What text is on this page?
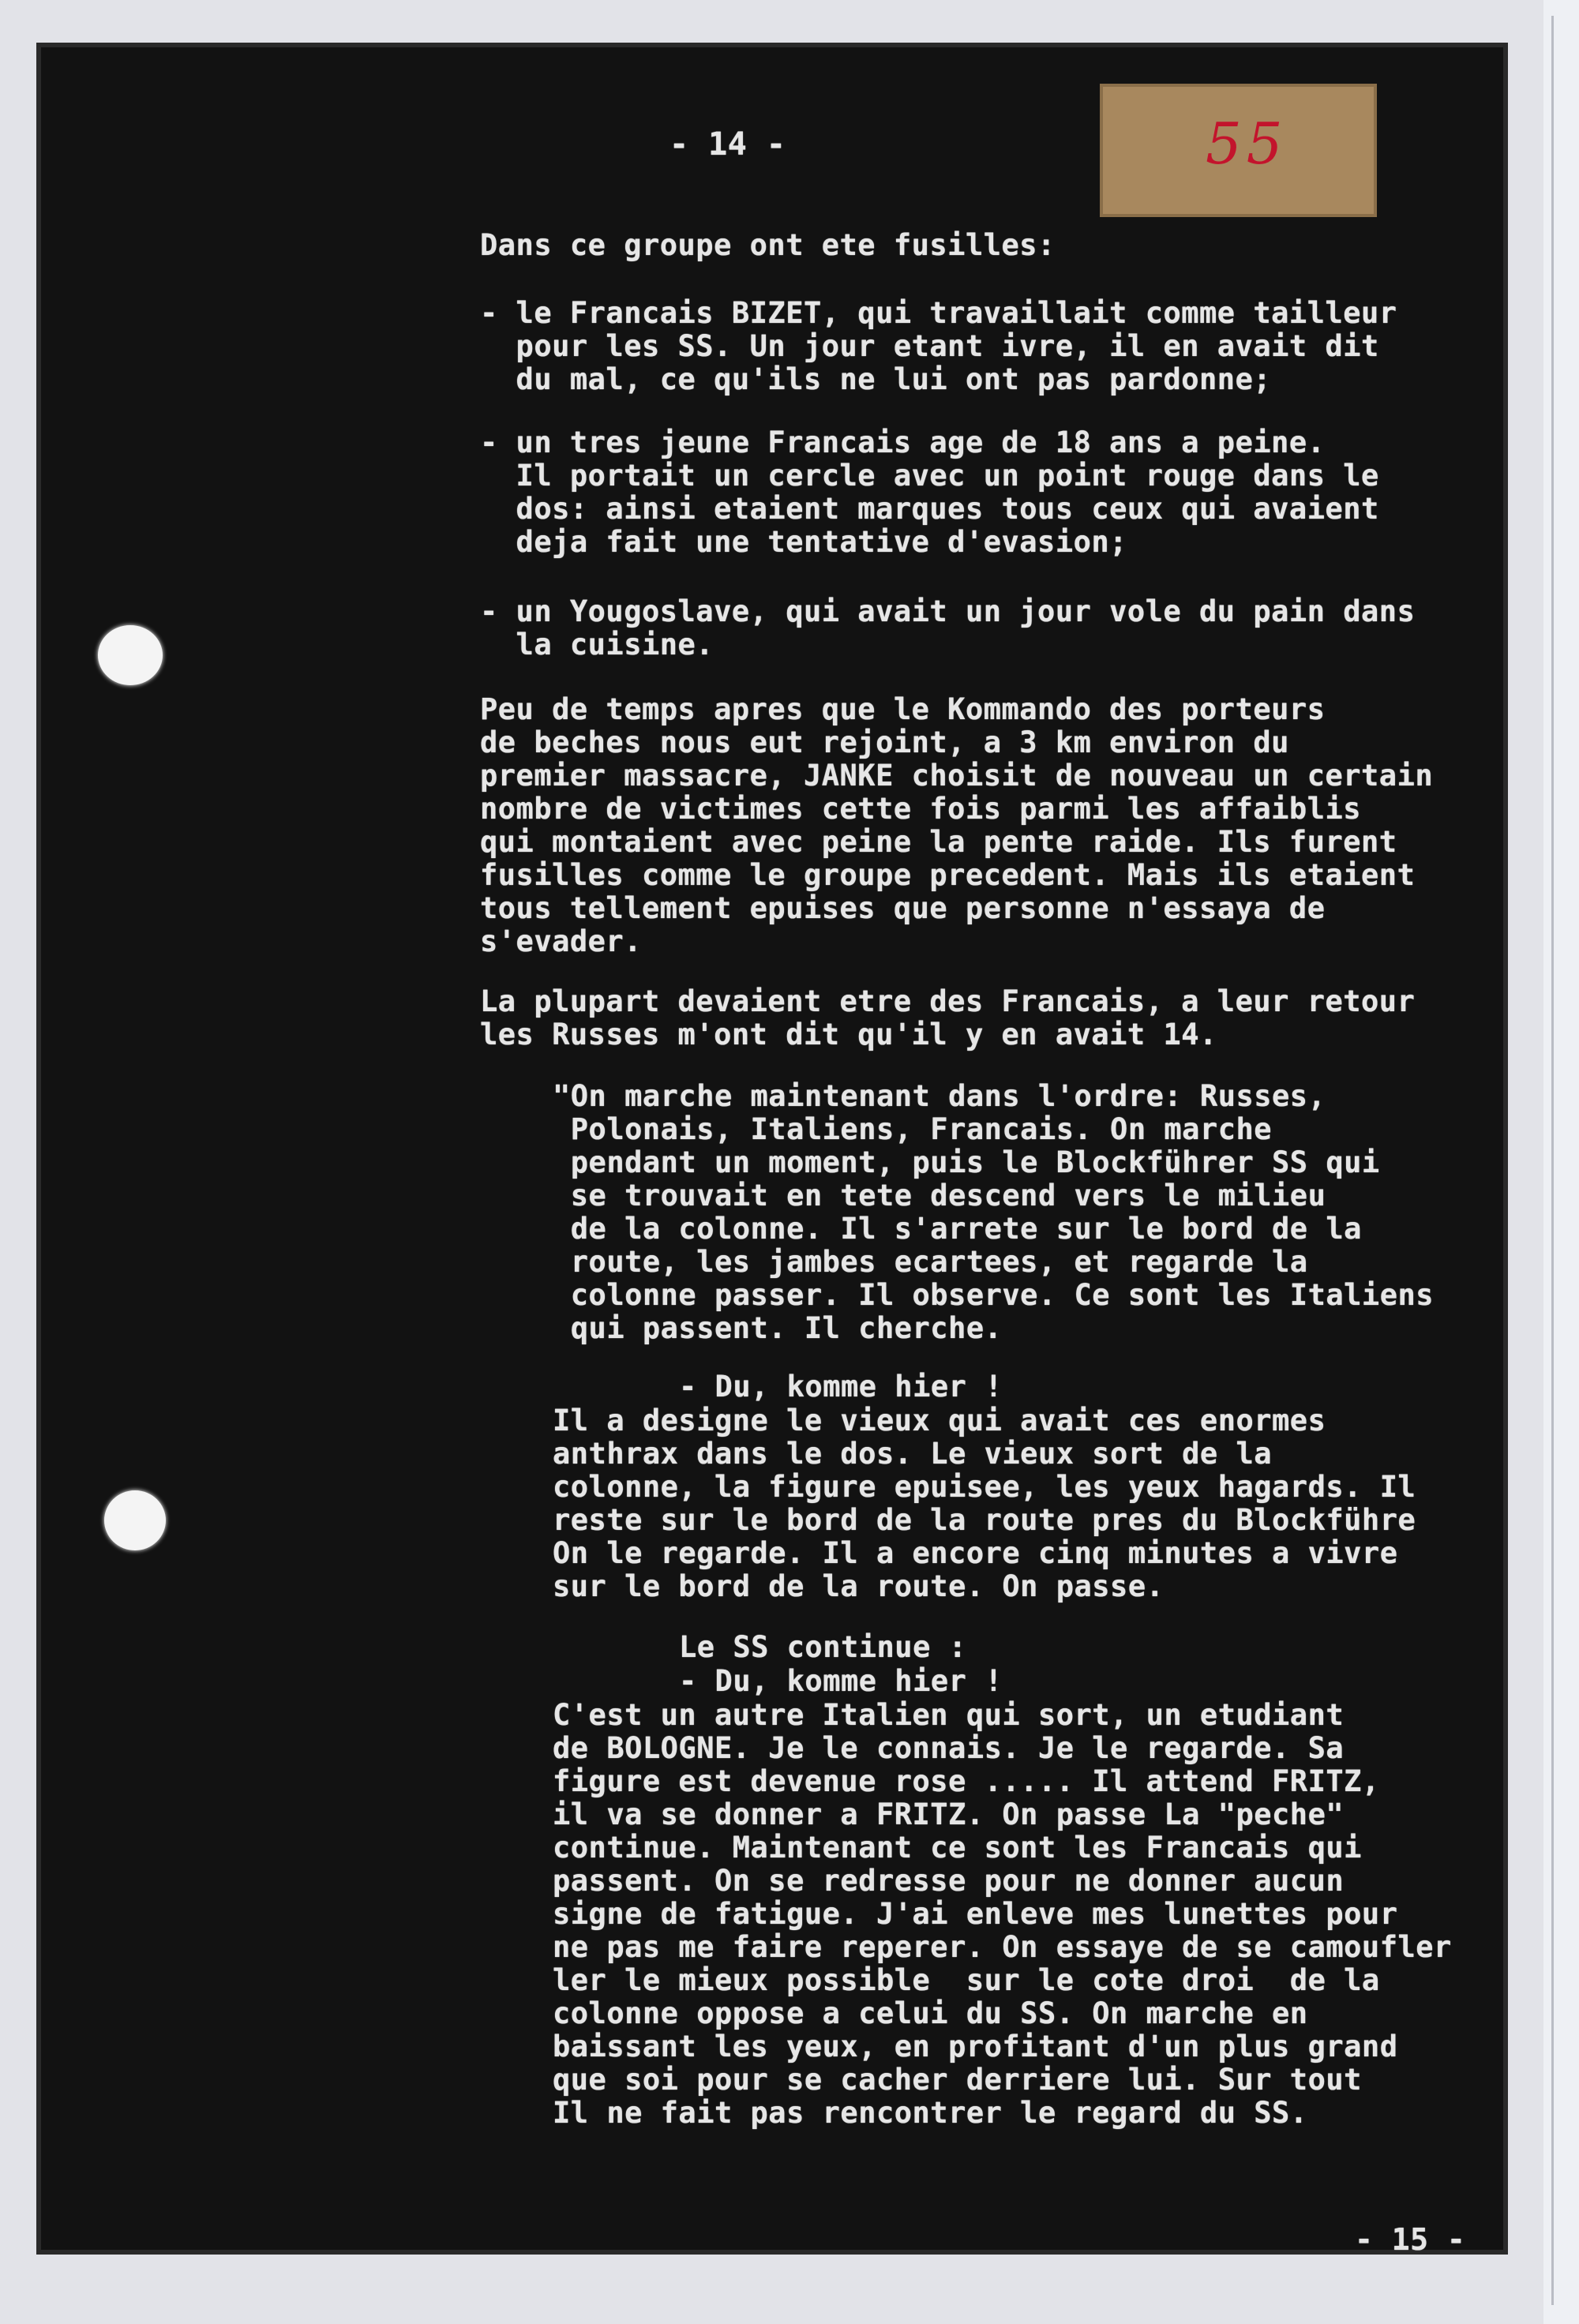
55

- 14 -

Dans ce groupe ont ete fusilles:

- le Francais BIZET, qui travaillait comme tailleur
pour les SS. Un jour etant ivre, il en avait dit
du mal, ce qu'ils ne lui ont pas pardonne;

- un tres jeune Francais age de 18 ans a peine.
Il portait un cercle avec un point rouge dans le
dos: ainsi etaient marques tous ceux qui avaient
deja fait une tentative d'evasion;

- un Yougoslave, qui avait un jour vole du pain dans
la cuisine.

Peu de temps apres que le Kommando des porteurs
de beches nous eut rejoint, a 3 km environ du
premier massacre, JANKE choisit de nouveau un certain
nombre de victimes cette fois parmi les affaiblis
qui montaient avec peine la pente raide. Ils furent
fusilles comme le groupe precedent. Mais ils etaient
tous tellement epuises que personne n'essaya de
s'evader.

La plupart devaient etre des Francais, a leur retour
les Russes m'ont dit qu'il y en avait 14.

"On marche maintenant dans l'ordre: Russes,
Polonais, Italiens, Francais. On marche
pendant un moment, puis le Blockführer SS qui
se trouvait en tete descend vers le milieu
de la colonne. Il s'arrete sur le bord de la
route, les jambes ecartees, et regarde la
colonne passer. Il observe. Ce sont les Italiens
qui passent. Il cherche.

- Du, komme hier !

Il a designe le vieux qui avait ces enormes
anthrax dans le dos. Le vieux sort de la
colonne, la figure epuisee, les yeux hagards. Il
reste sur le bord de la route pres du Blockführe
On le regarde. Il a encore cinq minutes a vivre
sur le bord de la route. On passe.

Le SS continue :

- Du, komme hier !

C'est un autre Italien qui sort, un etudiant
de BOLOGNE. Je le connais. Je le regarde. Sa
figure est devenue rose ..... Il attend FRITZ,
il va se donner a FRITZ. On passe La "peche"
continue. Maintenant ce sont les Francais qui
passent. On se redresse pour ne donner aucun
signe de fatigue. J'ai enleve mes lunettes pour
ne pas me faire reperer. On essaye de se camoufler
ler le mieux possible  sur le cote droi  de la
colonne oppose a celui du SS. On marche en
baissant les yeux, en profitant d'un plus grand
que soi pour se cacher derriere lui. Sur tout
Il ne fait pas rencontrer le regard du SS.

- 15 -
